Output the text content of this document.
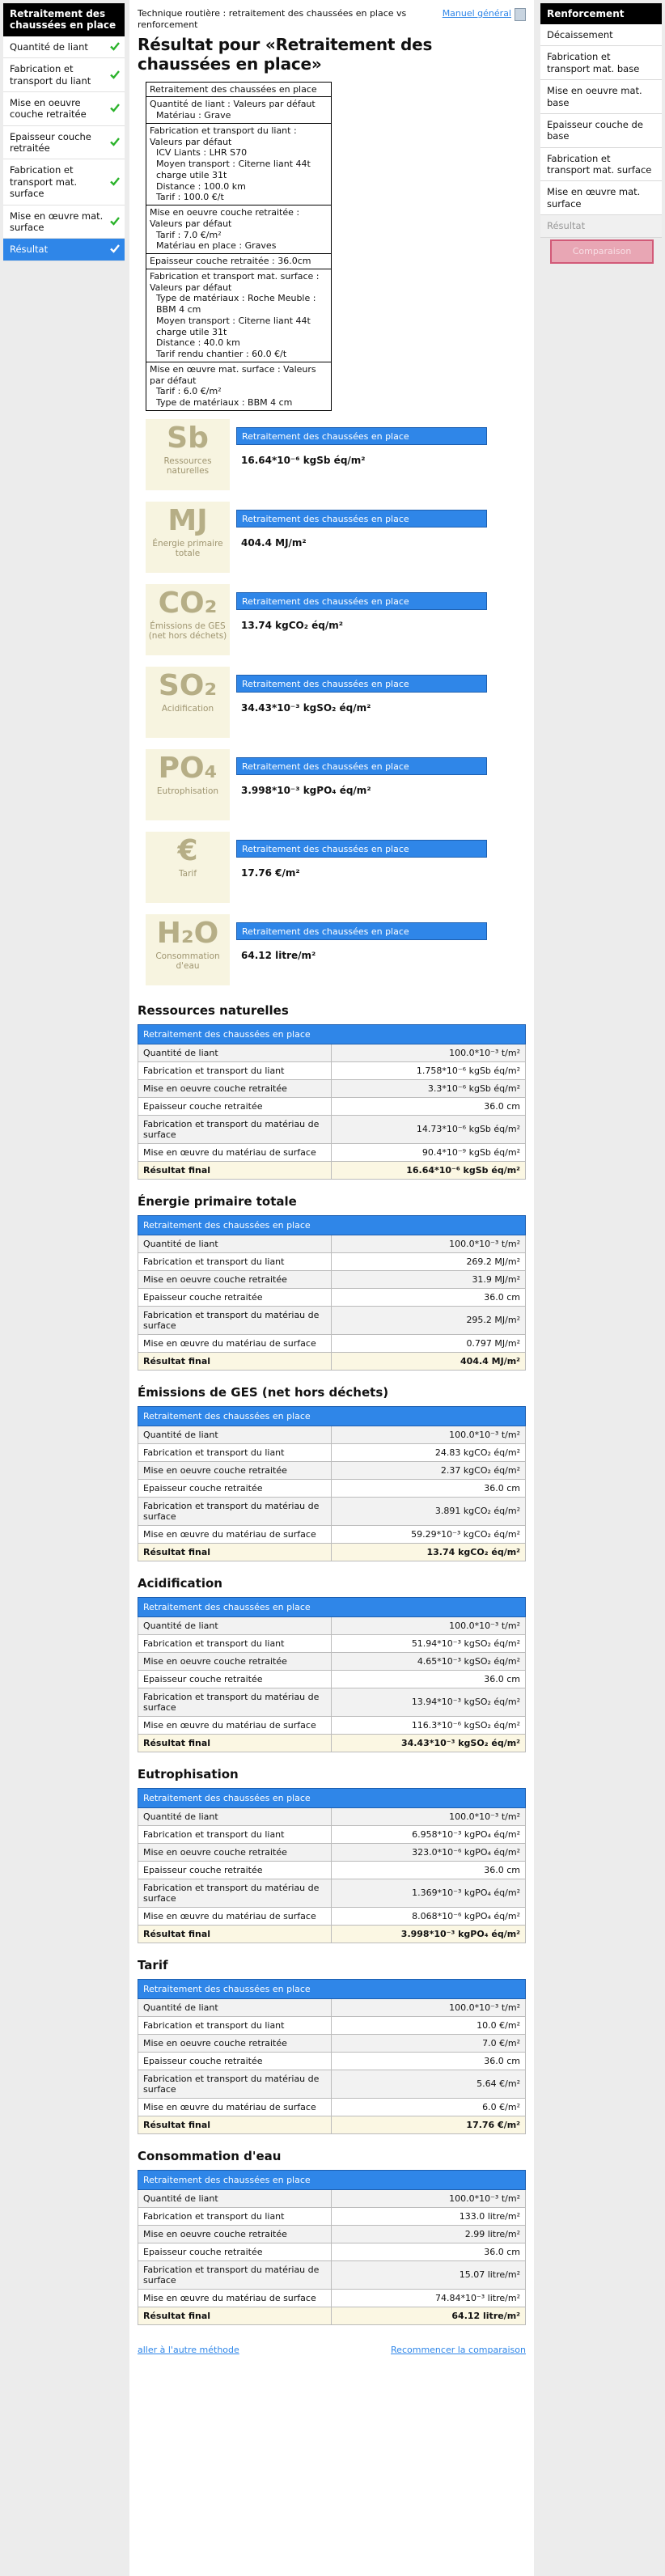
Retraitement des chaussées en place
Quantité de liant
Fabrication et transport du liant
Mise en oeuvre couche retraitée
Epaisseur couche retraitée
Fabrication et transport mat. surface
Mise en œuvre mat. surface
Résultat
Technique routière : retraitement des chaussées en place vs renforcement
Manuel général
Résultat pour «Retraitement des chaussées en place»
Retraitement des chaussées en place
Quantité de liant : Valeurs par défaut
Matériau : Grave
Fabrication et transport du liant : Valeurs par défaut
ICV Liants : LHR S70
Moyen transport : Citerne liant 44t charge utile 31t
Distance : 100.0 km
Tarif : 100.0 €/t
Mise en oeuvre couche retraitée : Valeurs par défaut
Tarif : 7.0 €/m²
Matériau en place : Graves
Epaisseur couche retraitée : 36.0cm
Fabrication et transport mat. surface : Valeurs par défaut
Type de matériaux : Roche Meuble : BBM 4 cm
Moyen transport : Citerne liant 44t charge utile 31t
Distance : 40.0 km
Tarif rendu chantier : 60.0 €/t
Mise en œuvre mat. surface : Valeurs par défaut
Tarif : 6.0 €/m²
Type de matériaux : BBM 4 cm
Sb
Ressources naturelles
Retraitement des chaussées en place
16.64*10⁻⁶ kgSb éq/m²
MJ
Énergie primaire totale
Retraitement des chaussées en place
404.4 MJ/m²
CO₂
Émissions de GES (net hors déchets)
Retraitement des chaussées en place
13.74 kgCO₂ éq/m²
SO₂
Acidification
Retraitement des chaussées en place
34.43*10⁻³ kgSO₂ éq/m²
PO₄
Eutrophisation
Retraitement des chaussées en place
3.998*10⁻³ kgPO₄ éq/m²
€
Tarif
Retraitement des chaussées en place
17.76 €/m²
H₂O
Consommation d'eau
Retraitement des chaussées en place
64.12 litre/m²
Ressources naturelles
Retraitement des chaussées en place	
Quantité de liant	100.0*10⁻³ t/m²
Fabrication et transport du liant	1.758*10⁻⁶ kgSb éq/m²
Mise en oeuvre couche retraitée	3.3*10⁻⁶ kgSb éq/m²
Epaisseur couche retraitée	36.0 cm
Fabrication et transport du matériau de surface	14.73*10⁻⁶ kgSb éq/m²
Mise en œuvre du matériau de surface	90.4*10⁻⁹ kgSb éq/m²
Résultat final	16.64*10⁻⁶ kgSb éq/m²
Énergie primaire totale
Retraitement des chaussées en place	
Quantité de liant	100.0*10⁻³ t/m²
Fabrication et transport du liant	269.2 MJ/m²
Mise en oeuvre couche retraitée	31.9 MJ/m²
Epaisseur couche retraitée	36.0 cm
Fabrication et transport du matériau de surface	295.2 MJ/m²
Mise en œuvre du matériau de surface	0.797 MJ/m²
Résultat final	404.4 MJ/m²
Émissions de GES (net hors déchets)
Retraitement des chaussées en place	
Quantité de liant	100.0*10⁻³ t/m²
Fabrication et transport du liant	24.83 kgCO₂ éq/m²
Mise en oeuvre couche retraitée	2.37 kgCO₂ éq/m²
Epaisseur couche retraitée	36.0 cm
Fabrication et transport du matériau de surface	3.891 kgCO₂ éq/m²
Mise en œuvre du matériau de surface	59.29*10⁻³ kgCO₂ éq/m²
Résultat final	13.74 kgCO₂ éq/m²
Acidification
Retraitement des chaussées en place	
Quantité de liant	100.0*10⁻³ t/m²
Fabrication et transport du liant	51.94*10⁻³ kgSO₂ éq/m²
Mise en oeuvre couche retraitée	4.65*10⁻³ kgSO₂ éq/m²
Epaisseur couche retraitée	36.0 cm
Fabrication et transport du matériau de surface	13.94*10⁻³ kgSO₂ éq/m²
Mise en œuvre du matériau de surface	116.3*10⁻⁶ kgSO₂ éq/m²
Résultat final	34.43*10⁻³ kgSO₂ éq/m²
Eutrophisation
Retraitement des chaussées en place	
Quantité de liant	100.0*10⁻³ t/m²
Fabrication et transport du liant	6.958*10⁻³ kgPO₄ éq/m²
Mise en oeuvre couche retraitée	323.0*10⁻⁶ kgPO₄ éq/m²
Epaisseur couche retraitée	36.0 cm
Fabrication et transport du matériau de surface	1.369*10⁻³ kgPO₄ éq/m²
Mise en œuvre du matériau de surface	8.068*10⁻⁶ kgPO₄ éq/m²
Résultat final	3.998*10⁻³ kgPO₄ éq/m²
Tarif
Retraitement des chaussées en place	
Quantité de liant	100.0*10⁻³ t/m²
Fabrication et transport du liant	10.0 €/m²
Mise en oeuvre couche retraitée	7.0 €/m²
Epaisseur couche retraitée	36.0 cm
Fabrication et transport du matériau de surface	5.64 €/m²
Mise en œuvre du matériau de surface	6.0 €/m²
Résultat final	17.76 €/m²
Consommation d'eau
Retraitement des chaussées en place	
Quantité de liant	100.0*10⁻³ t/m²
Fabrication et transport du liant	133.0 litre/m²
Mise en oeuvre couche retraitée	2.99 litre/m²
Epaisseur couche retraitée	36.0 cm
Fabrication et transport du matériau de surface	15.07 litre/m²
Mise en œuvre du matériau de surface	74.84*10⁻³ litre/m²
Résultat final	64.12 litre/m²
aller à l'autre méthode	Recommencer la comparaison
Renforcement
Décaissement
Fabrication et transport mat. base
Mise en oeuvre mat. base
Epaisseur couche de base
Fabrication et transport mat. surface
Mise en œuvre mat. surface
Résultat
Comparaison
